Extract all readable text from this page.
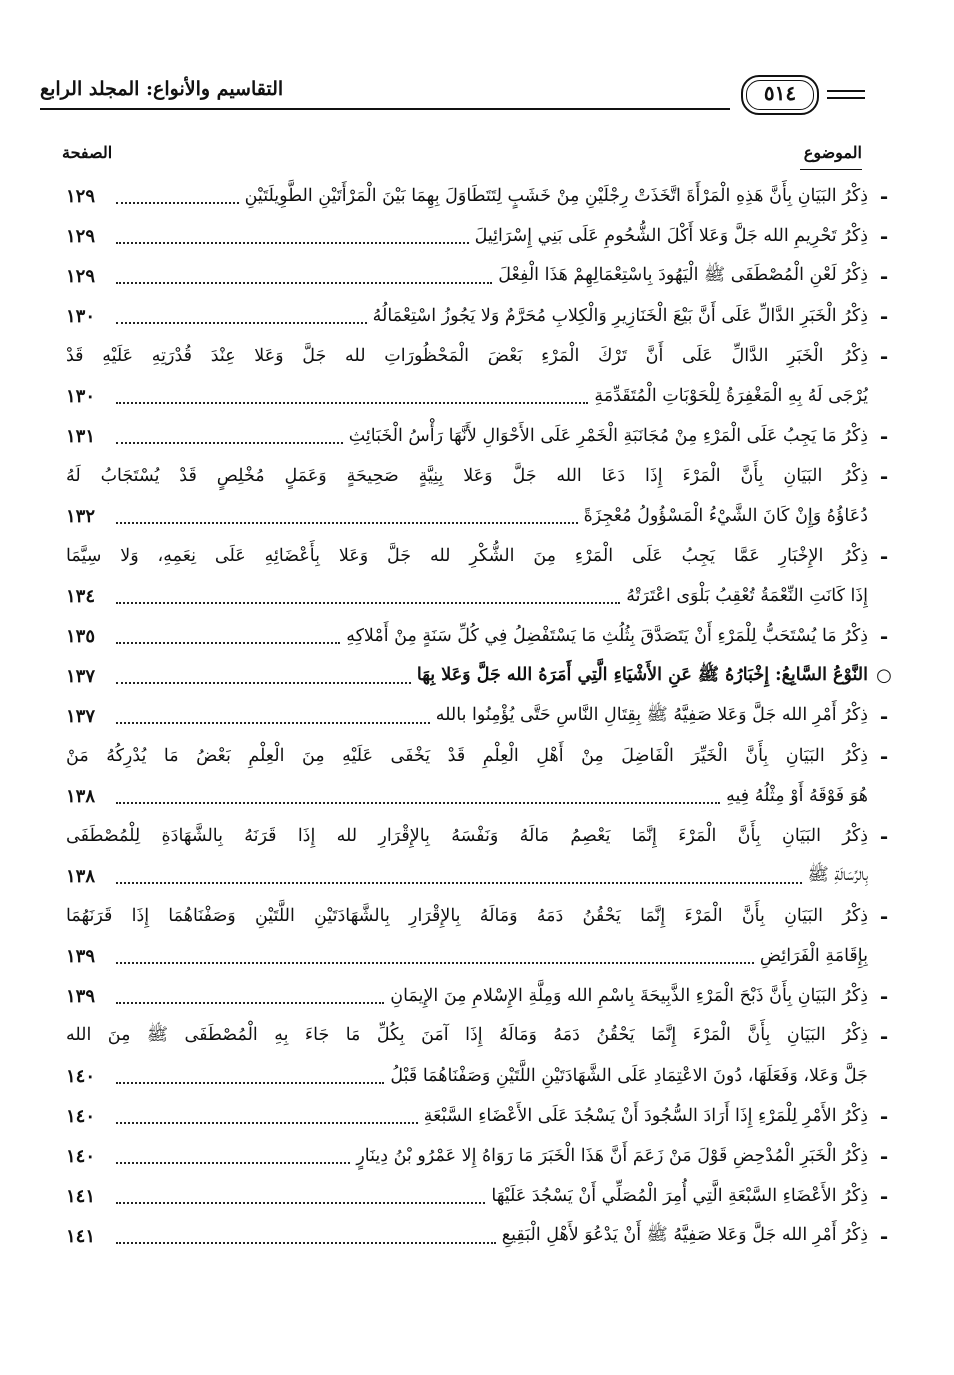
التقاسيم والأنواع: المجلد الرابع	٥١٤
الموضوع
الصفحة
-
ذِكْرُ البَيَانِ بِأَنَّ هَذِهِ الْمَرْأَةَ اتَّخَذَتْ رِجْلَيْنِ مِنْ خَشَبٍ لِتَتَطَاوَلَ بِهِمَا بَيْنَ الْمَرْأَتَيْنِ الطَّوِيلَتَيْنِ
١٢٩
-
ذِكْرُ تَحْرِيمِ الله جَلَّ وَعَلا أَكْلَ الشُّحُومِ عَلَى بَنِي إِسْرَائِيلَ
١٢٩
-
ذِكْرُ لَعْنِ الْمُصْطَفَى ﷺ الْيَهُودَ بِاسْتِعْمَالِهِمْ هَذَا الْفِعْلَ
١٢٩
-
ذِكْرُ الْخَبَرِ الدَّالِّ عَلَى أَنَّ بَيْعَ الْخَنَازِيرِ وَالْكِلابِ مُحَرَّمٌ وَلا يَجُوزُ اسْتِعْمَالُهُ
١٣٠
-
ذِكْرُ الْخَبَرِ الدَّالِّ عَلَى أَنَّ تَرْكَ الْمَرْءِ بَعْضَ الْمَحْظُورَاتِ لله جَلَّ وَعَلا عِنْدَ قُدْرَتِهِ عَلَيْهِ قَدْ
يُرْجَى لَهُ بِهِ الْمَغْفِرَةُ لِلْحَوْبَاتِ الْمُتَقَدِّمَةِ
١٣٠
-
ذِكْرُ مَا يَجِبُ عَلَى الْمَرْءِ مِنْ مُجَانَبَةِ الْخَمْرِ عَلَى الأَحْوَالِ لأَنَّهَا رَأْسُ الْخَبَائِثِ
١٣١
-
ذِكْرُ البَيَانِ بِأَنَّ الْمَرْءَ إِذَا دَعَا الله جَلَّ وَعَلا بِنِيَّةٍ صَحِيحَةٍ وَعَمَلٍ مُخْلِصٍ قَدْ يُسْتَجَابُ لَهُ
دُعَاؤُهُ وَإِنْ كَانَ الشَّيْءُ الْمَسْؤُولُ مُعْجِزَةً
١٣٢
-
ذِكْرُ الإِخْبَارِ عَمَّا يَجِبُ عَلَى الْمَرْءِ مِنَ الشُّكْرِ لله جَلَّ وَعَلا بِأَعْضَائِهِ عَلَى نِعَمِهِ، وَلا سِيَّمَا
إِذَا كَانَتِ النِّعْمَةُ تُعْقِبُ بَلْوَى اعْتَرَتْهُ
١٣٤
-
ذِكْرُ مَا يُسْتَحَبُّ لِلْمَرْءِ أَنْ يَتَصَدَّقَ بِثُلُثِ مَا يَسْتَفْضِلُ فِي كُلِّ سَنَةٍ مِنْ أَمْلاكِهِ
١٣٥
○
النَّوْعُ السَّابِعُ: إِخْبَارُهُ ﷺ عَنِ الأَشْيَاءِ الَّتِي أَمَرَهُ الله جَلَّ وَعَلا بِهَا
١٣٧
-
ذِكْرُ أَمْرِ الله جَلَّ وَعَلا صَفِيَّهُ ﷺ بِقِتَالِ النَّاسِ حَتَّى يُؤْمِنُوا بالله
١٣٧
-
ذِكْرُ البَيَانِ بِأَنَّ الْخَيِّرَ الْفَاضِلَ مِنْ أَهْلِ الْعِلْمِ قَدْ يَخْفَى عَلَيْهِ مِنَ الْعِلْمِ بَعْضُ مَا يُدْرِكُهُ مَنْ
هُوَ فَوْقَهُ أَوْ مِثْلُهُ فِيهِ
١٣٨
-
ذِكْرُ البَيَانِ بِأَنَّ الْمَرْءَ إِنَّمَا يَعْصِمُ مَالَهُ وَنَفْسَهُ بِالإِقْرَارِ لله إِذَا قَرَنَهُ بِالشَّهَادَةِ لِلْمُصْطَفَى
بِالرِّسَالَةِ ﷺ
١٣٨
-
ذِكْرُ البَيَانِ بِأَنَّ الْمَرْءَ إِنَّمَا يَحْقُنُ دَمَهُ وَمَالَهُ بِالإِقْرَارِ بِالشَّهَادَتَيْنِ اللَّتَيْنِ وَصَفْنَاهُمَا إِذَا قَرَنَهُمَا
بِإِقَامَةِ الْفَرَائِضِ
١٣٩
-
ذِكْرُ البَيَانِ بِأَنَّ ذَبْحَ الْمَرْءِ الذَّبِيحَةَ بِاسْمِ الله وَمِلَّةِ الإِسْلامِ مِنَ الإِيمَانِ
١٣٩
-
ذِكْرُ البَيَانِ بِأَنَّ الْمَرْءَ إِنَّمَا يَحْقُنُ دَمَهُ وَمَالَهُ إِذَا آمَنَ بِكُلِّ مَا جَاءَ بِهِ الْمُصْطَفَى ﷺ مِنَ الله
جَلَّ وَعَلا، وَفَعَلَهَا، دُونَ الاعْتِمَادِ عَلَى الشَّهَادَتَيْنِ اللَّتَيْنِ وَصَفْنَاهُمَا قَبْلُ
١٤٠
-
ذِكْرُ الأَمْرِ لِلْمَرْءِ إِذَا أَرَادَ السُّجُودَ أَنْ يَسْجُدَ عَلَى الأَعْضَاءِ السَّبْعَةِ
١٤٠
-
ذِكْرُ الْخَبَرِ الْمُدْحِضِ قَوْلَ مَنْ زَعَمَ أَنَّ هَذَا الْخَبَرَ مَا رَوَاهُ إِلا عَمْرُو بْنُ دِينَارٍ
١٤٠
-
ذِكْرُ الأَعْضَاءِ السَّبْعَةِ الَّتِي أُمِرَ الْمُصَلِّي أَنْ يَسْجُدَ عَلَيْهَا
١٤١
-
ذِكْرُ أَمْرِ الله جَلَّ وَعَلا صَفِيَّهُ ﷺ أَنْ يَدْعُوَ لأَهْلِ الْبَقِيعِ
١٤١
